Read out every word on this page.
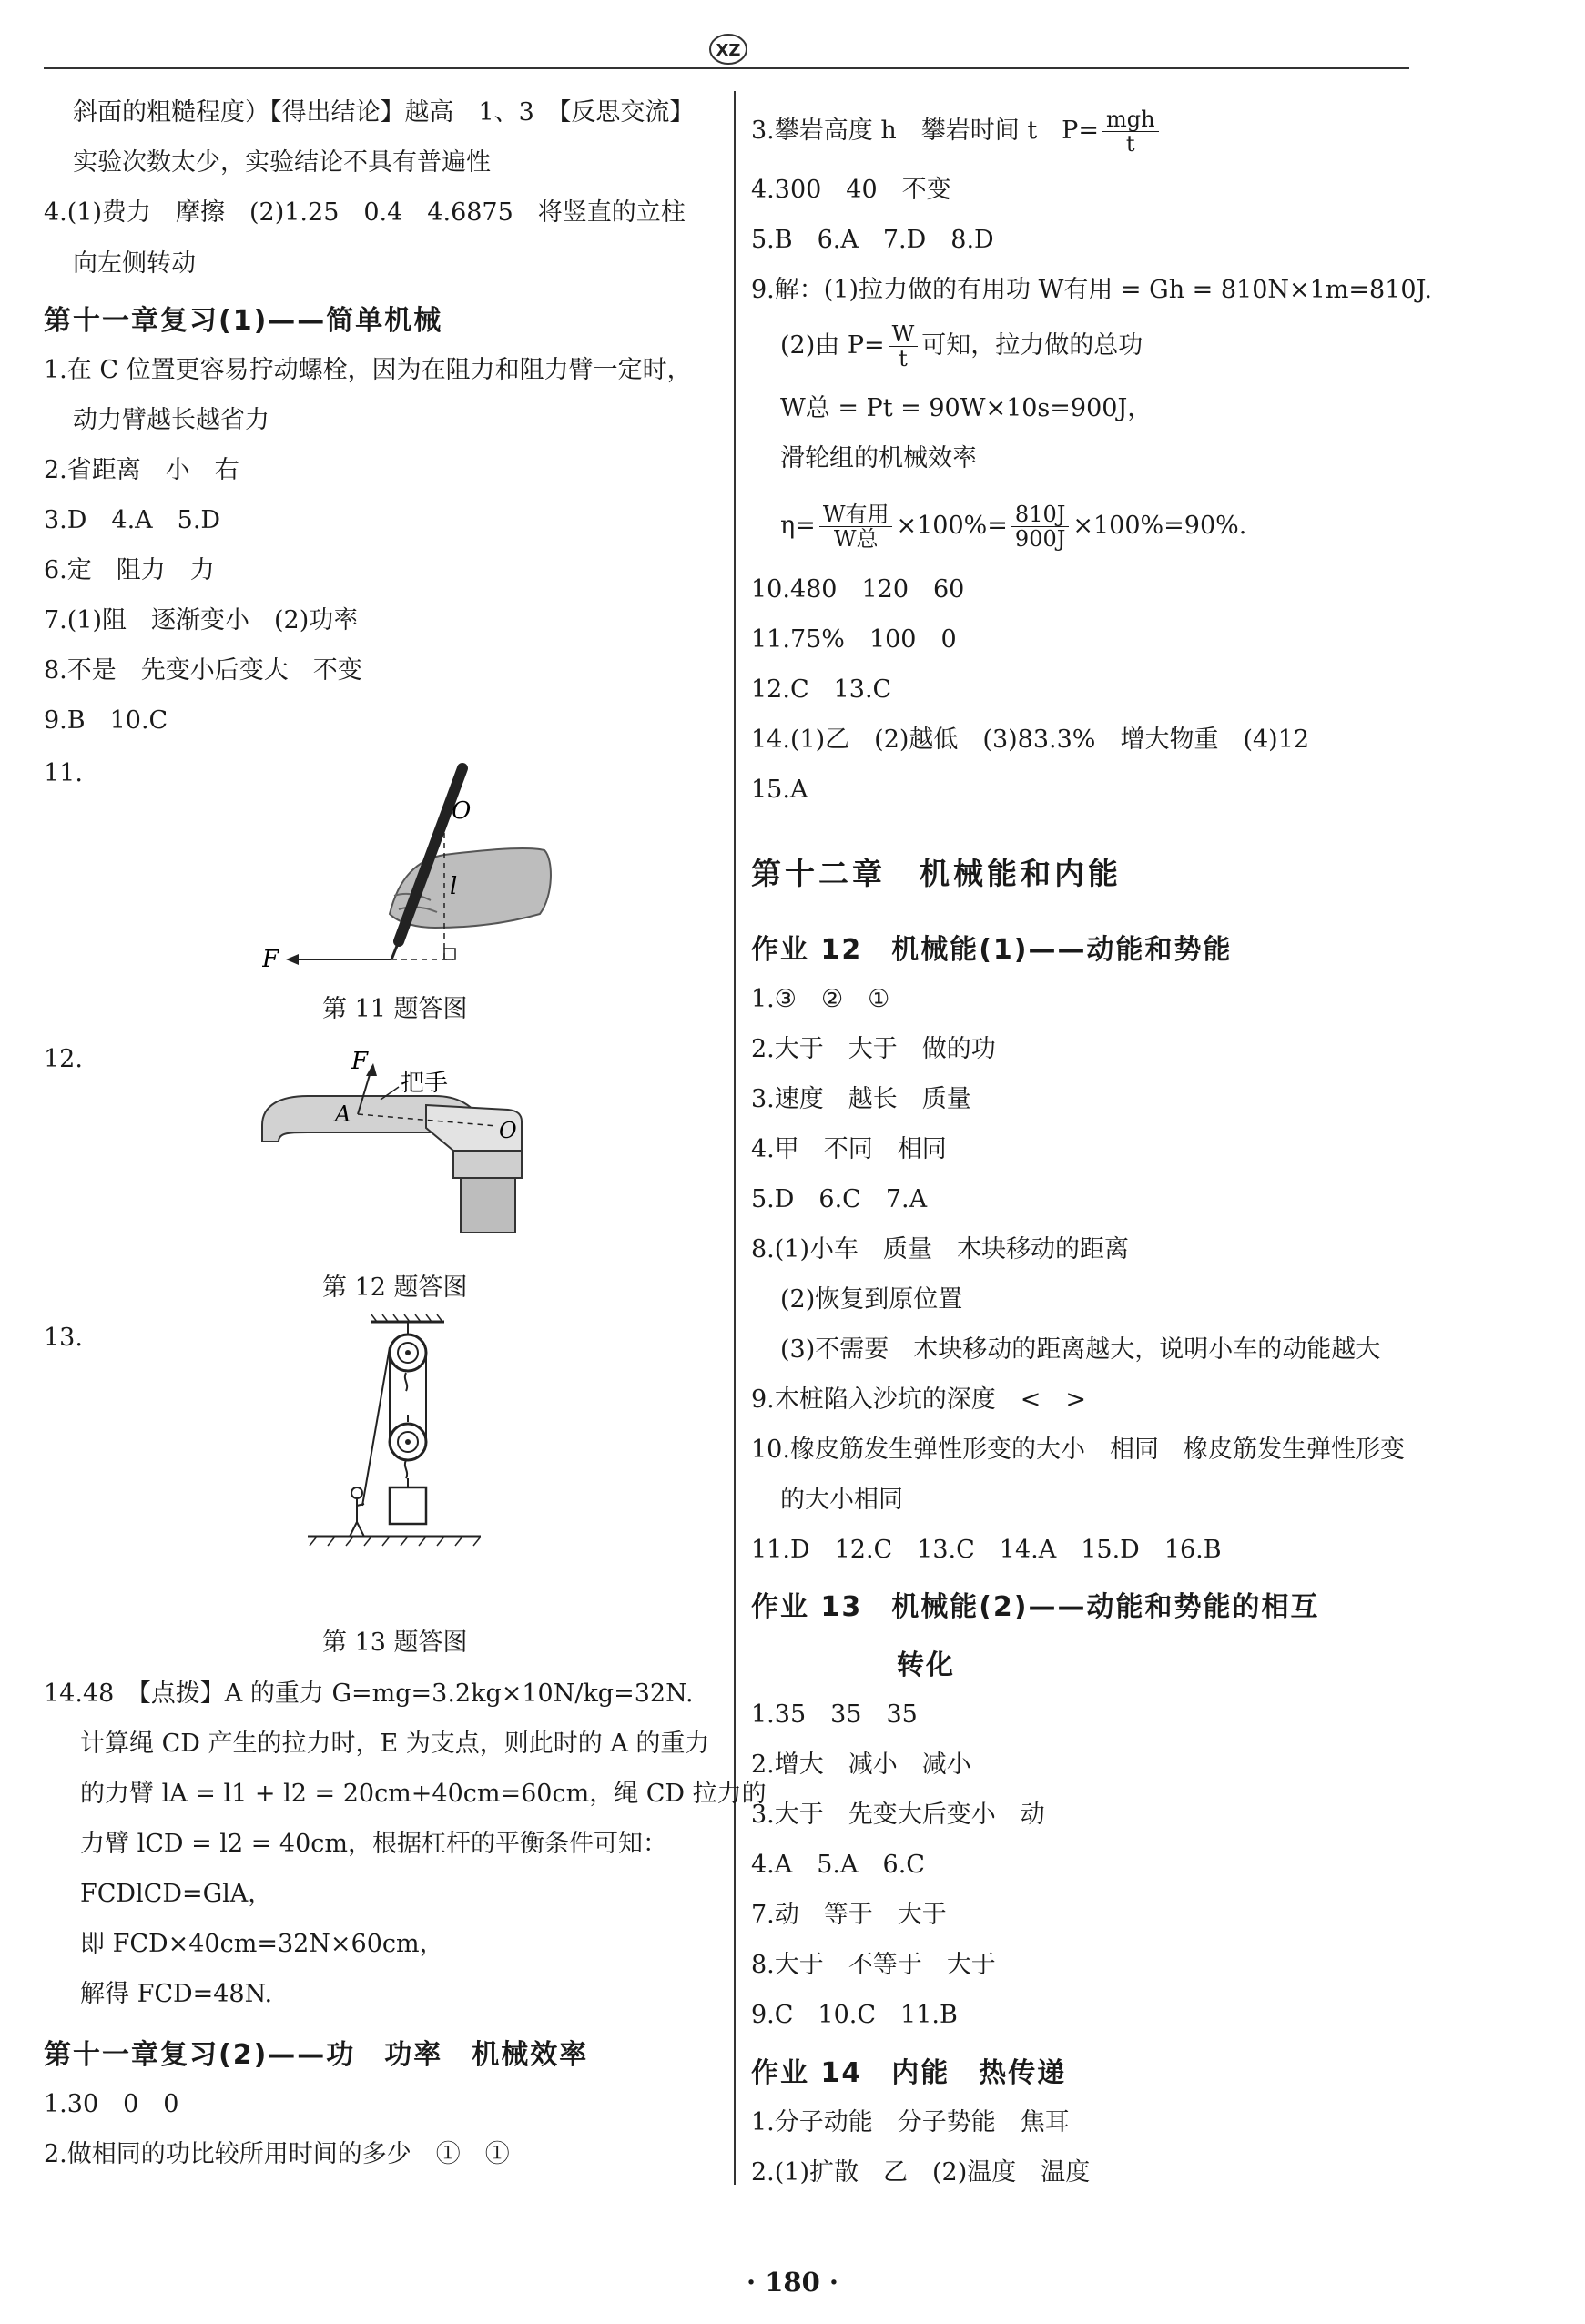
XZ
斜面的粗糙程度）【得出结论】越高　1、3　【反思交流】
实验次数太少，实验结论不具有普遍性
4.(1)费力　摩擦　(2)1.25　0.4　4.6875　将竖直的立柱
向左侧转动
第十一章复习(1)——简单机械
1.在 C 位置更容易拧动螺栓，因为在阻力和阻力臂一定时，
动力臂越长越省力
2.省距离　小　右
3.D　4.A　5.D
6.定　阻力　力
7.(1)阻　逐渐变小　(2)功率
8.不是　先变小后变大　不变
9.B　10.C
11.
O
l
F
第 11 题答图
12.	F
把手
A
O
第 12 题答图
13.
第 13 题答图
14.48　【点拨】A 的重力 G=mg=3.2kg×10N/kg=32N.
计算绳 CD 产生的拉力时，E 为支点，则此时的 A 的重力
的力臂 lA = l1 + l2 = 20cm+40cm=60cm，绳 CD 拉力的
力臂 lCD = l2 = 40cm，根据杠杆的平衡条件可知：
FCDlCD=GlA，
即 FCD×40cm=32N×60cm，
解得 FCD=48N.
第十一章复习(2)——功　功率　机械效率
1.30　0　0
2.做相同的功比较所用时间的多少　①　①
3.攀岩高度 h　攀岩时间 t　$P= \frac{\text{mgh}}{t}$
4.300　40　不变
5.B　6.A　7.D　8.D
9.解：(1)拉力做的有用功 W有用 = Gh = 810N×1m=810J.
(2)由 $P= \frac{W}{t}$ 可知，拉力做的总功
W总 = Pt = 90W×10s=900J，
滑轮组的机械效率
$\eta= \frac{\text{W有用}}{\text{W总}} \times 100\%= \frac{810J}{900J} \times 100\%=90\%$.
10.480　120　60
11.75%　100　0
12.C　13.C
14.(1)乙　(2)越低　(3)83.3%　增大物重　(4)12
15.A
第十二章　机械能和内能
作业 12　机械能(1)——动能和势能
1.③　②　①
2.大于　大于　做的功
3.速度　越长　质量
4.甲　不同　相同
5.D　6.C　7.A
8.(1)小车　质量　木块移动的距离
(2)恢复到原位置
(3)不需要　木块移动的距离越大，说明小车的动能越大
9.木桩陷入沙坑的深度　<　>
10.橡皮筋发生弹性形变的大小　相同　橡皮筋发生弹性形变
的大小相同
11.D　12.C　13.C　14.A　15.D　16.B
作业 13　机械能(2)——动能和势能的相互
转化
1.35　35　35
2.增大　减小　减小
3.大于　先变大后变小　动
4.A　5.A　6.C
7.动　等于　大于
8.大于　不等于　大于
9.C　10.C　11.B
作业 14　内能　热传递
1.分子动能　分子势能　焦耳
2.(1)扩散　乙　(2)温度　温度
· 180 ·
